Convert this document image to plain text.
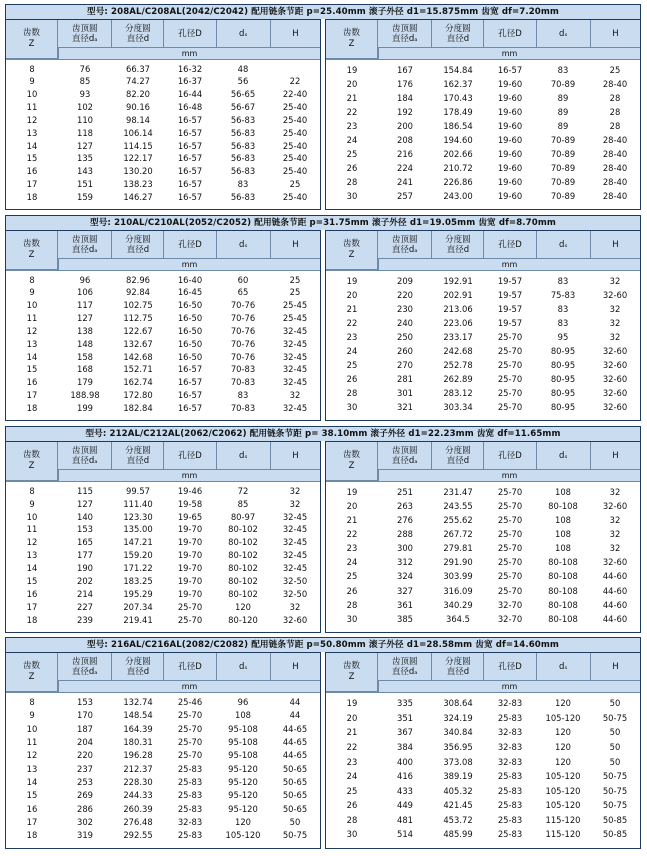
型号: 208AL/C208AL(2042/C2042) 配用链条节距 p=25.40mm 滚子外径 d1=15.875mm 齿宽 df=7.20mm
齿顶圆
直径dₐ
分度圆
直径d	孔径D	dₛ	H
mm
齿数
Z
8	76	66.37	16-32	48
9	85	74.27	16-37	56	22
10	93	82.20	16-44	56-65	22-40
11	102	90.16	16-48	56-67	25-40
12	110	98.14	16-57	56-83	25-40
13	118	106.14	16-57	56-83	25-40
14	127	114.15	16-57	56-83	25-40
15	135	122.17	16-57	56-83	25-40
16	143	130.20	16-57	56-83	25-40
17	151	138.23	16-57	83	25
18	159	146.27	16-57	56-83	25-40
齿顶圆
直径dₐ
分度圆
直径d	孔径D	dₛ	H
mm
齿数
Z
19	167	154.84	16-57	83	25
20	176	162.37	19-60	70-89	28-40
21	184	170.43	19-60	89	28
22	192	178.49	19-60	89	28
23	200	186.54	19-60	89	28
24	208	194.60	19-60	70-89	28-40
25	216	202.66	19-60	70-89	28-40
26	224	210.72	19-60	70-89	28-40
28	241	226.86	19-60	70-89	28-40
30	257	243.00	19-60	70-89	28-40
型号: 210AL/C210AL(2052/C2052) 配用链条节距 p=31.75mm 滚子外径 d1=19.05mm 齿宽 df=8.70mm
齿顶圆
直径dₐ
分度圆
直径d	孔径D	dₛ	H
mm
齿数
Z
8	96	82.96	16-40	60	25
9	106	92.84	16-45	65	25
10	117	102.75	16-50	70-76	25-45
11	127	112.75	16-50	70-76	25-45
12	138	122.67	16-50	70-76	32-45
13	148	132.67	16-50	70-76	32-45
14	158	142.68	16-50	70-76	32-45
15	168	152.71	16-57	70-83	32-45
16	179	162.74	16-57	70-83	32-45
17	188.98	172.80	16-57	83	32
18	199	182.84	16-57	70-83	32-45
齿顶圆
直径dₐ
分度圆
直径d	孔径D	dₛ	H
mm
齿数
Z
19	209	192.91	19-57	83	32
20	220	202.91	19-57	75-83	32-60
21	230	213.06	19-57	83	32
22	240	223.06	19-57	83	32
23	250	233.17	25-70	95	32
24	260	242.68	25-70	80-95	32-60
25	270	252.78	25-70	80-95	32-60
26	281	262.89	25-70	80-95	32-60
28	301	283.12	25-70	80-95	32-60
30	321	303.34	25-70	80-95	32-60
型号: 212AL/C212AL(2062/C2062) 配用链条节距 p= 38.10mm 滚子外径 d1=22.23mm 齿宽 df=11.65mm
齿顶圆
直径dₐ
分度圆
直径d	孔径D	dₛ	H
mm
齿数
Z
8	115	99.57	19-46	72	32
9	127	111.40	19-58	85	32
10	140	123.30	19-65	80-97	32-45
11	153	135.00	19-70	80-102	32-45
12	165	147.21	19-70	80-102	32-45
13	177	159.20	19-70	80-102	32-45
14	190	171.22	19-70	80-102	32-45
15	202	183.25	19-70	80-102	32-50
16	214	195.29	19-70	80-102	32-50
17	227	207.34	25-70	120	32
18	239	219.41	25-70	80-120	32-60
齿顶圆
直径dₐ
分度圆
直径d	孔径D	dₛ	H
mm
齿数
Z
19	251	231.47	25-70	108	32
20	263	243.55	25-70	80-108	32-60
21	276	255.62	25-70	108	32
22	288	267.72	25-70	108	32
23	300	279.81	25-70	108	32
24	312	291.90	25-70	80-108	32-60
25	324	303.99	25-70	80-108	44-60
26	327	316.09	25-70	80-108	44-60
28	361	340.29	32-70	80-108	44-60
30	385	364.5	32-70	80-108	44-60
型号: 216AL/C216AL(2082/C2082) 配用链条节距 p=50.80mm 滚子外径 d1=28.58mm 齿宽 df=14.60mm
齿顶圆
直径dₐ
分度圆
直径d	孔径D	dₛ	H
mm
齿数
Z
8	153	132.74	25-46	96	44
9	170	148.54	25-70	108	44
10	187	164.39	25-70	95-108	44-65
11	204	180.31	25-70	95-108	44-65
12	220	196.28	25-70	95-108	44-65
13	237	212.37	25-83	95-120	50-65
14	253	228.30	25-83	95-120	50-65
15	269	244.33	25-83	95-120	50-65
16	286	260.39	25-83	95-120	50-65
17	302	276.48	32-83	120	50
18	319	292.55	25-83	105-120	50-75
齿顶圆
直径dₐ
分度圆
直径d	孔径D	dₛ	H
mm
齿数
Z
19	335	308.64	32-83	120	50
20	351	324.19	25-83	105-120	50-75
21	367	340.84	32-83	120	50
22	384	356.95	32-83	120	50
23	400	373.08	32-83	120	50
24	416	389.19	25-83	105-120	50-75
25	433	405.32	25-83	105-120	50-75
26	449	421.45	25-83	105-120	50-75
28	481	453.72	25-83	115-120	50-85
30	514	485.99	25-83	115-120	50-85
